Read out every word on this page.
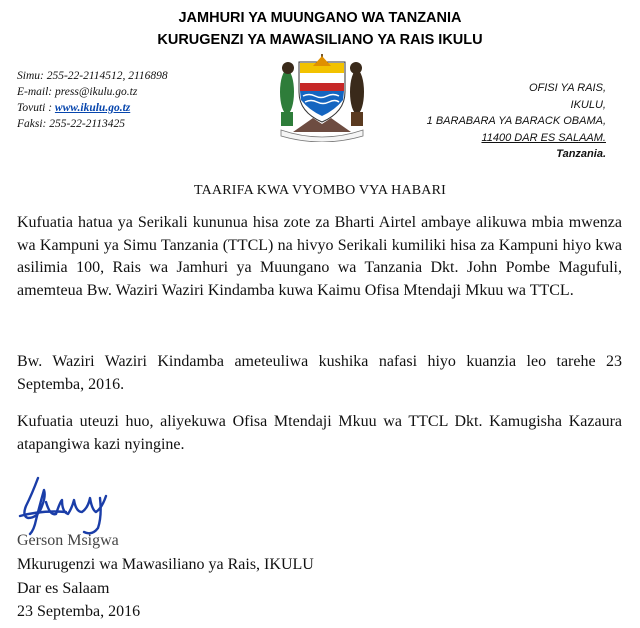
JAMHURI YA MUUNGANO WA TANZANIA
KURUGENZI YA MAWASILIANO YA RAIS IKULU
Simu: 255-22-2114512, 2116898
E-mail: press@ikulu.go.tz
Tovuti : www.ikulu.go.tz
Faksi: 255-22-2113425
OFISI YA RAIS,
IKULU,
1 BARABARA YA BARACK OBAMA,
11400 DAR ES SALAAM.
Tanzania.
TAARIFA KWA VYOMBO VYA HABARI

Kufuatia hatua ya Serikali kununua hisa zote za Bharti Airtel ambaye alikuwa mbia mwenza wa Kampuni ya Simu Tanzania (TTCL) na hivyo Serikali kumiliki hisa za Kampuni hiyo kwa asilimia 100, Rais wa Jamhuri ya Muungano wa Tanzania Dkt. John Pombe Magufuli, amemteua Bw. Waziri Waziri Kindamba kuwa Kaimu Ofisa Mtendaji Mkuu wa TTCL.

Bw. Waziri Waziri Kindamba ameteuliwa kushika nafasi hiyo kuanzia leo tarehe 23 Septemba, 2016.

Kufuatia uteuzi huo, aliyekuwa Ofisa Mtendaji Mkuu wa TTCL Dkt. Kamugisha Kazaura atapangiwa kazi nyingine.

Gerson Msigwa
Mkurugenzi wa Mawasiliano ya Rais, IKULU
Dar es Salaam
23 Septemba, 2016
